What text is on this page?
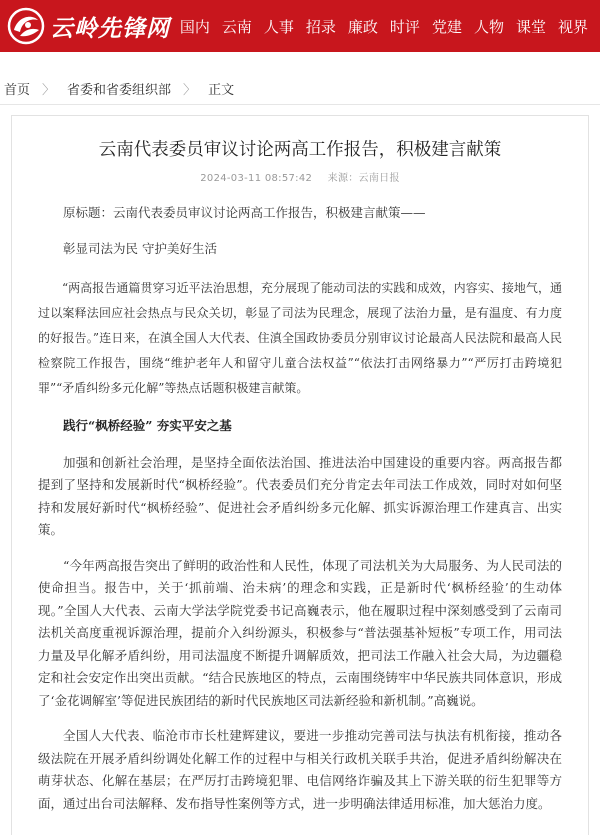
云岭先锋网 国内 云南 人事 招录 廉政 时评 党建 人物 课堂 视界
首页 〉 省委和省委组织部 〉 正文
云南代表委员审议讨论两高工作报告，积极建言献策
2024-03-11 08:57:42 来源：云南日报

原标题：云南代表委员审议讨论两高工作报告，积极建言献策——

彰显司法为民 守护美好生活

“两高报告通篇贯穿习近平法治思想，充分展现了能动司法的实践和成效，内容实、接地气，通过以案释法回应社会热点与民众关切，彰显了司法为民理念，展现了法治力量，是有温度、有力度的好报告。”连日来，在滇全国人大代表、住滇全国政协委员分别审议讨论最高人民法院和最高人民检察院工作报告，围绕“维护老年人和留守儿童合法权益”“依法打击网络暴力”“严厉打击跨境犯罪”“矛盾纠纷多元化解”等热点话题积极建言献策。

践行“枫桥经验” 夯实平安之基

加强和创新社会治理，是坚持全面依法治国、推进法治中国建设的重要内容。两高报告都提到了坚持和发展新时代“枫桥经验”。代表委员们充分肯定去年司法工作成效，同时对如何坚持和发展好新时代“枫桥经验”、促进社会矛盾纠纷多元化解、抓实诉源治理工作建真言、出实策。

“今年两高报告突出了鲜明的政治性和人民性，体现了司法机关为大局服务、为人民司法的使命担当。报告中，关于‘抓前端、治未病’的理念和实践，正是新时代‘枫桥经验’的生动体现。”全国人大代表、云南大学法学院党委书记高巍表示，他在履职过程中深刻感受到了云南司法机关高度重视诉源治理，提前介入纠纷源头，积极参与“普法强基补短板”专项工作，用司法力量及早化解矛盾纠纷，用司法温度不断提升调解质效，把司法工作融入社会大局，为边疆稳定和社会安定作出突出贡献。“结合民族地区的特点，云南围绕铸牢中华民族共同体意识，形成了‘金花调解室’等促进民族团结的新时代民族地区司法新经验和新机制。”高巍说。

全国人大代表、临沧市市长杜建辉建议，要进一步推动完善司法与执法有机衔接，推动各级法院在开展矛盾纠纷调处化解工作的过程中与相关行政机关联手共治，促进矛盾纠纷解决在萌芽状态、化解在基层；在严厉打击跨境犯罪、电信网络诈骗及其上下游关联的衍生犯罪等方面，通过出台司法解释、发布指导性案例等方式，进一步明确法律适用标准，加大惩治力度。
